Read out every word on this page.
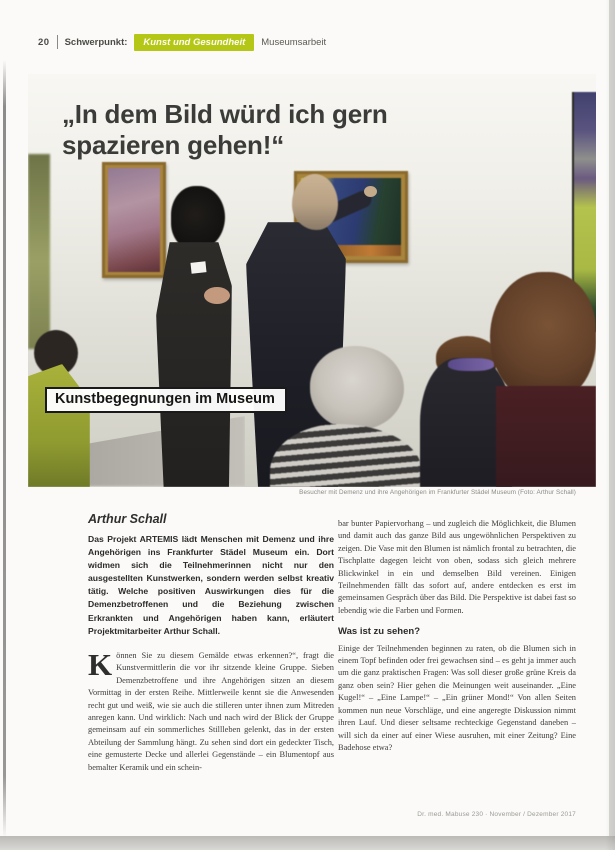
20 Schwerpunkt:	Kunst und Gesundheit	Museumsarbeit
Kunstbegegnungen im Museum
„In dem Bild würd ich gern spazieren gehen!“
Besucher mit Demenz und ihre Angehörigen im Frankfurter Städel Museum (Foto: Arthur Schall)
Arthur Schall
Das Projekt ARTEMIS lädt Menschen mit Demenz und ihre Angehörigen ins Frankfurter Städel Museum ein. Dort widmen sich die Teilnehmerinnen nicht nur den ausgestellten Kunstwerken, sondern werden selbst kreativ tätig. Welche positiven Auswirkungen dies für die Demenzbetroffenen und die Beziehung zwischen Erkrankten und Angehörigen haben kann, erläutert Projektmitarbeiter Arthur Schall.
Können Sie zu diesem Gemälde etwas erkennen?“, fragt die Kunstvermittlerin die vor ihr sitzende kleine Gruppe. Sieben Demenzbetroffene und ihre Angehörigen sitzen an diesem Vormittag in der ersten Reihe. Mittlerweile kennt sie die Anwesenden recht gut und weiß, wie sie auch die stilleren unter ihnen zum Mitreden anregen kann. Und wirklich: Nach und nach wird der Blick der Gruppe gemeinsam auf ein sommerliches Stillleben gelenkt, das in der ersten Abteilung der Sammlung hängt. Zu sehen sind dort ein gedeckter Tisch, eine gemusterte Decke und allerlei Gegenstände – ein Blumentopf aus bemalter Keramik und ein schein-
bar bunter Papiervorhang – und zugleich die Möglichkeit, die Blumen und damit auch das ganze Bild aus ungewöhnlichen Perspektiven zu zeigen. Die Vase mit den Blumen ist nämlich frontal zu betrachten, die Tischplatte dagegen leicht von oben, sodass sich gleich mehrere Blickwinkel in ein und demselben Bild vereinen. Einigen Teilnehmenden fällt das sofort auf, andere entdecken es erst im gemeinsamen Gespräch über das Bild. Die Perspektive ist dabei fast so lebendig wie die Farben und Formen.
Was ist zu sehen?
Einige der Teilnehmenden beginnen zu raten, ob die Blumen sich in einem Topf befinden oder frei gewachsen sind – es geht ja immer auch um die ganz praktischen Fragen: Was soll dieser große grüne Kreis da ganz oben sein? Hier gehen die Meinungen weit auseinander. „Eine Kugel!“ – „Eine Lampe!“ – „Ein grüner Mond!“ Von allen Seiten kommen nun neue Vorschläge, und eine angeregte Diskussion nimmt ihren Lauf. Und dieser seltsame rechteckige Gegenstand daneben – will sich da einer auf einer Wiese ausruhen, mit einer Zeitung? Eine Badehose etwa?
Dr. med. Mabuse 230 · November / Dezember 2017
